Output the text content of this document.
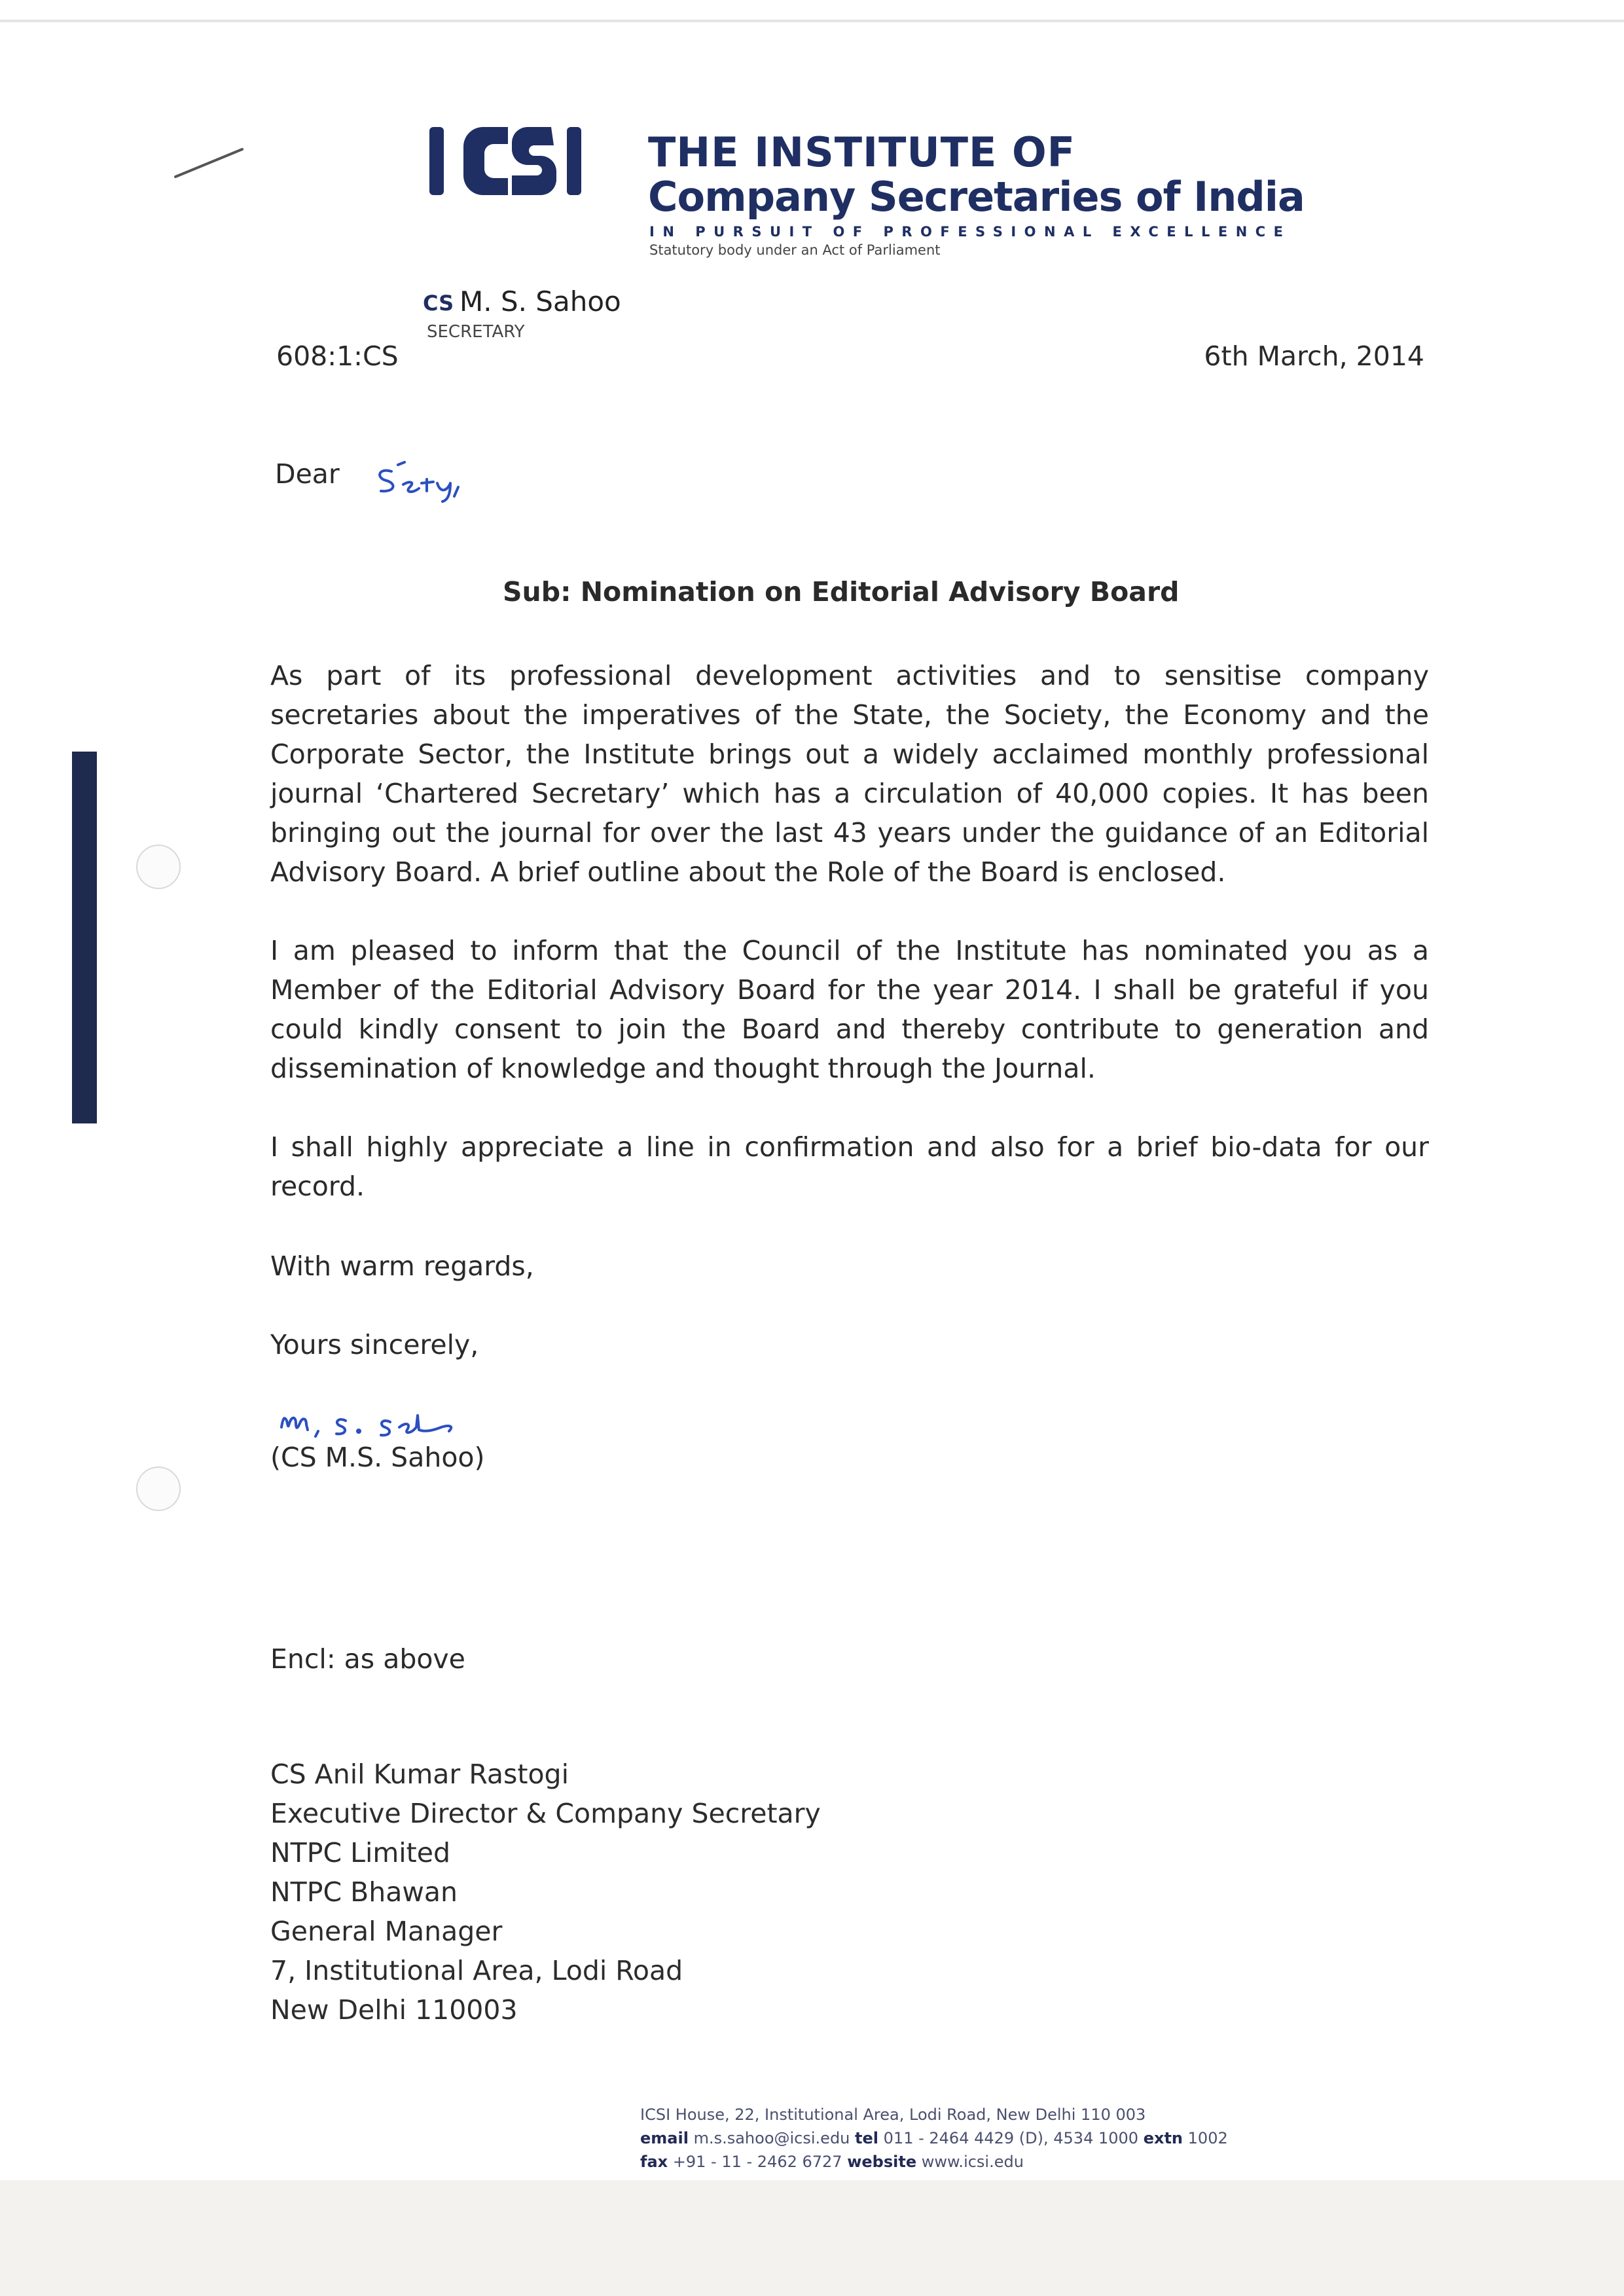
THE INSTITUTE OF
Company Secretaries of India
IN PURSUIT OF PROFESSIONAL EXCELLENCE
Statutory body under an Act of Parliament
CS M. S. Sahoo
SECRETARY
608:1:CS	6th March, 2014
Dear
Sub: Nomination on Editorial Advisory Board
As part of its professional development activities and to sensitise company secretaries about the imperatives of the State, the Society, the Economy and the Corporate Sector, the Institute brings out a widely acclaimed monthly professional journal ‘Chartered Secretary’ which has a circulation of 40,000 copies. It has been bringing out the journal for over the last 43 years under the guidance of an Editorial Advisory Board. A brief outline about the Role of the Board is enclosed.
I am pleased to inform that the Council of the Institute has nominated you as a Member of the Editorial Advisory Board for the year 2014. I shall be grateful if you could kindly consent to join the Board and thereby contribute to generation and dissemination of knowledge and thought through the Journal.
I shall highly appreciate a line in confirmation and also for a brief bio-data for our record.
With warm regards,
Yours sincerely,
(CS M.S. Sahoo)
Encl: as above
CS Anil Kumar Rastogi
Executive Director & Company Secretary
NTPC Limited
NTPC Bhawan
General Manager
7, Institutional Area, Lodi Road
New Delhi 110003
ICSI House, 22, Institutional Area, Lodi Road, New Delhi 110 003
email m.s.sahoo@icsi.edu tel 011 - 2464 4429 (D), 4534 1000 extn 1002
fax +91 - 11 - 2462 6727 website www.icsi.edu
